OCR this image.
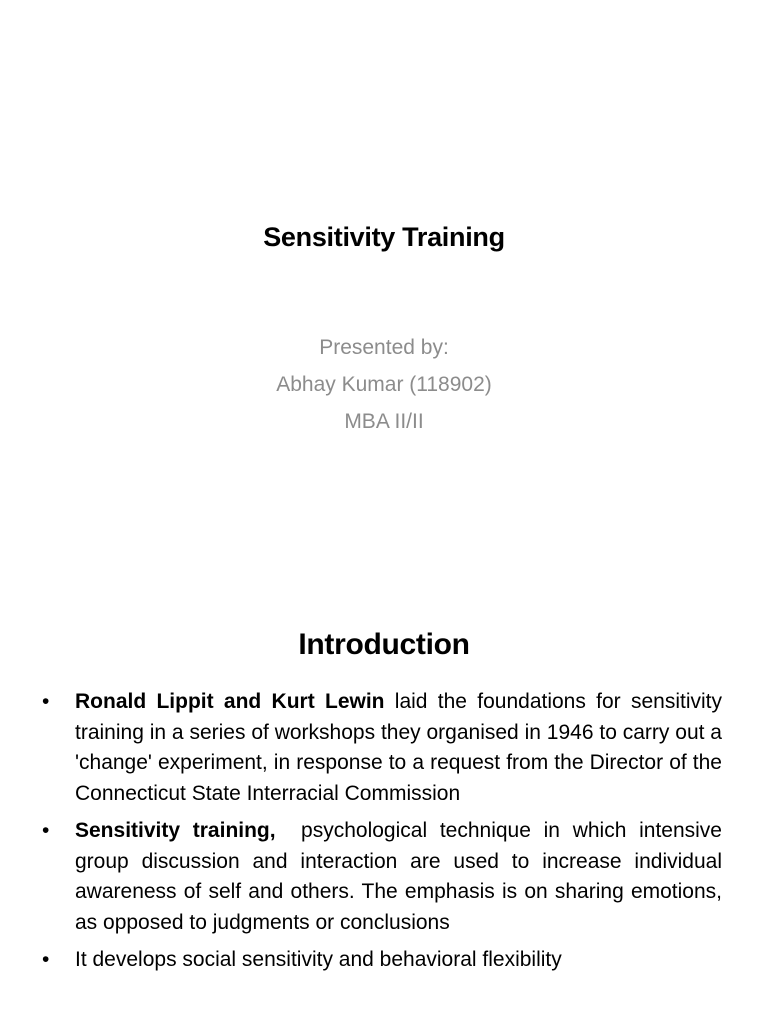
Sensitivity Training
Presented by:
Abhay Kumar (118902)
MBA II/II
Introduction
• Ronald Lippit and Kurt Lewin laid the foundations for sensitivity training in a series of workshops they organised in 1946 to carry out a 'change' experiment, in response to a request from the Director of the Connecticut State Interracial Commission
• Sensitivity training,  psychological technique in which intensive group discussion and interaction are used to increase individual awareness of self and others. The emphasis is on sharing emotions, as opposed to judgments or conclusions
• It develops social sensitivity and behavioral flexibility
